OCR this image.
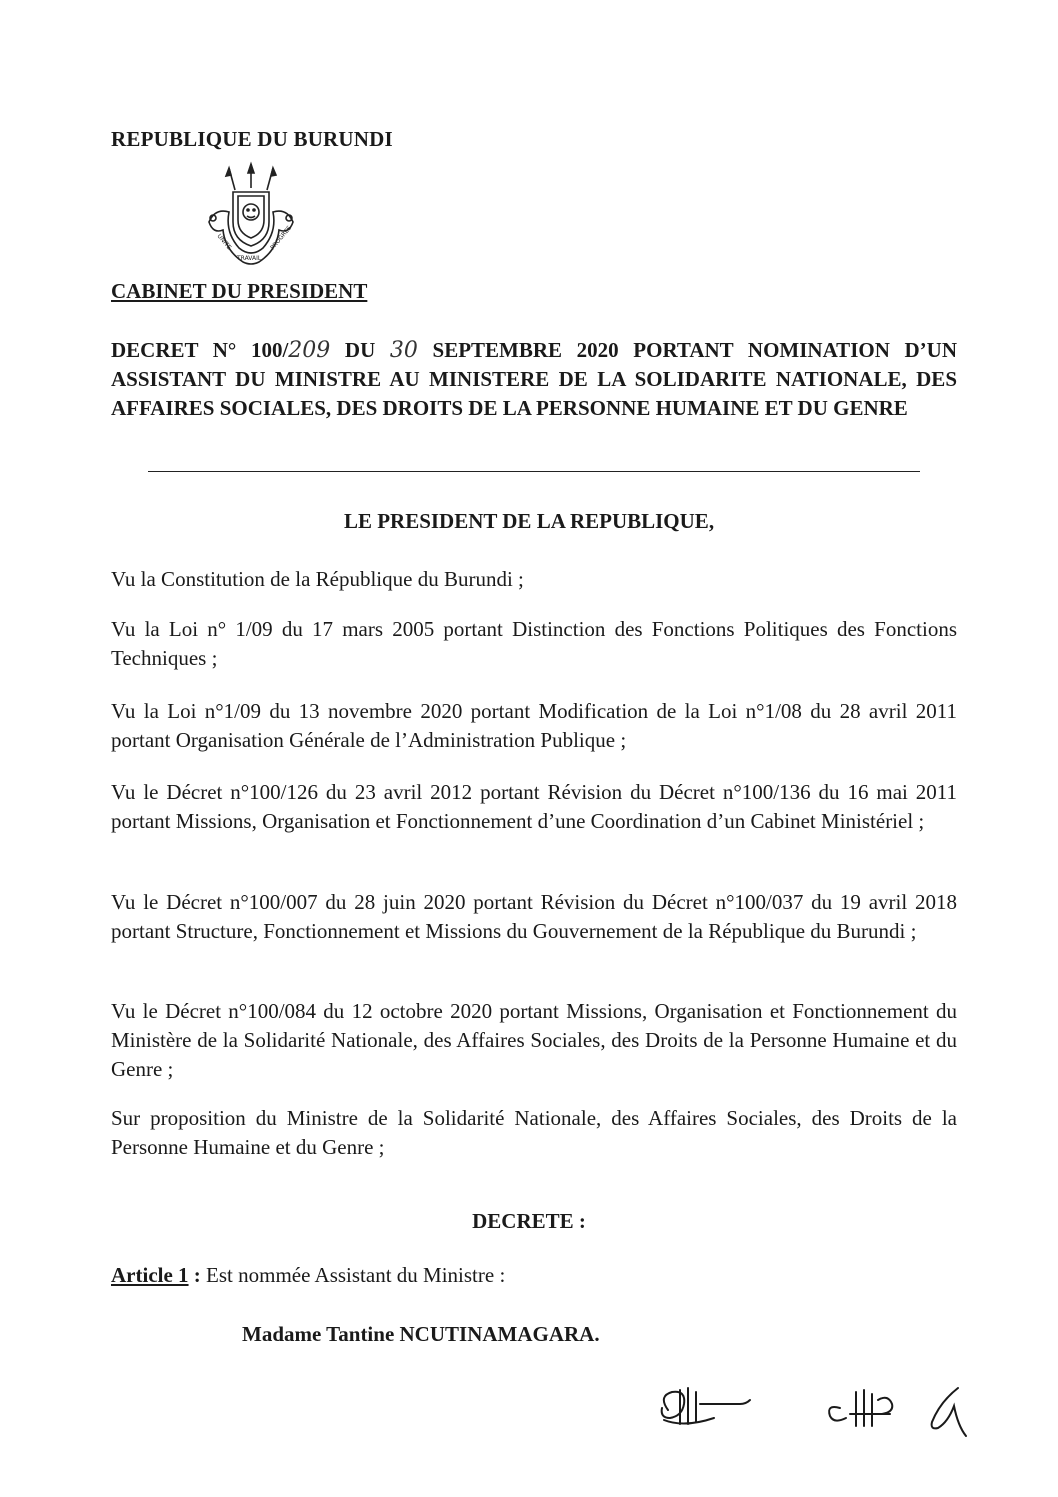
REPUBLIQUE DU BURUNDI
UNITE
TRAVAIL
PROGRES
CABINET DU PRESIDENT
DECRET N° 100/209 DU 30 SEPTEMBRE 2020 PORTANT NOMINATION D’UN ASSISTANT DU MINISTRE AU MINISTERE DE LA SOLIDARITE NATIONALE, DES AFFAIRES SOCIALES, DES DROITS DE LA PERSONNE HUMAINE ET DU GENRE
LE PRESIDENT DE LA REPUBLIQUE,
Vu la Constitution de la République du Burundi ;
Vu la Loi n° 1/09 du 17 mars 2005 portant Distinction des Fonctions Politiques des Fonctions Techniques ;
Vu la Loi n°1/09 du 13 novembre 2020 portant Modification de la Loi n°1/08 du 28 avril 2011 portant Organisation Générale de l’Administration Publique ;
Vu le Décret n°100/126 du 23 avril 2012 portant Révision du Décret n°100/136 du 16 mai 2011 portant Missions, Organisation et Fonctionnement d’une Coordination d’un Cabinet Ministériel ;
Vu le Décret n°100/007 du 28 juin 2020 portant Révision du Décret n°100/037 du 19 avril 2018 portant Structure, Fonctionnement et Missions du Gouvernement de la République du Burundi ;
Vu le Décret n°100/084 du 12 octobre 2020 portant Missions, Organisation et Fonctionnement du Ministère de la Solidarité Nationale, des Affaires Sociales, des Droits de la Personne Humaine et du Genre ;
Sur proposition du Ministre de la Solidarité Nationale, des Affaires Sociales, des Droits de la Personne Humaine et du Genre ;
DECRETE :
Article 1 : Est nommée Assistant du Ministre :
Madame Tantine NCUTINAMAGARA.
